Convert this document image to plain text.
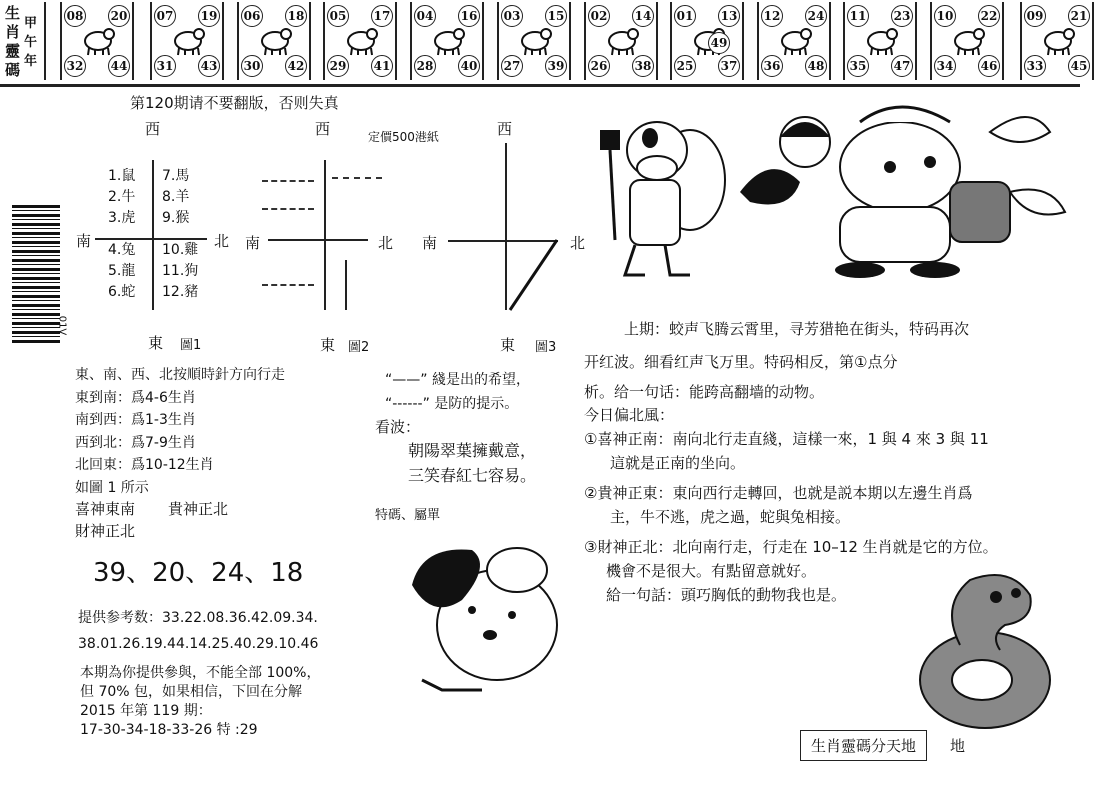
生肖靈碼
甲午年
08 20
32 44
07 19
31 43
06 18
30 42
05 17
29 41
04 16
28 40
03 15
27 39
02 14
26 38
01 13
25 37
49
12 24
36 48
11 23
35 47
10 22
34 46
09 21
33 45
第120期请不要翻版，否则失真
定價500港紙
01V
西
南	北
東 圖1
1.鼠
2.牛
3.虎
4.兔
5.龍
6.蛇
7.馬
8.羊
9.猴
10.雞
11.狗
12.豬
西
南	北
東 圖2
西
南	北
東 圖3
東、南、西、北按順時針方向行走
東到南：爲4-6生肖
南到西：爲1-3生肖
西到北：爲7-9生肖
北回東：爲10-12生肖
如圖 1 所示
喜神東南 貴神正北
財神正北
“——” 綫是出的希望，
“------” 是防的提示。
看波：
朝陽翠葉擁戴意，
三笑春紅七容易。
特碼、屬單
39、20、24、18
提供参考数：33.22.08.36.42.09.34.
38.01.26.19.44.14.25.40.29.10.46
本期為你提供參與，不能全部 100%，
但 70% 包，如果相信，下回在分解
2015 年第 119 期：
17-30-34-18-33-26 特 :29
上期：蛟声飞腾云霄里，寻芳猎艳在街头，特码再次
开红波。细看红声飞万里。特码相反，第①点分
析。给一句话：能跨高翻墙的动物。
今日偏北風：
①喜神正南：南向北行走直綫，這樣一來，1 與 4 來 3 與 11
這就是正南的坐向。
②貴神正東：東向西行走轉回，也就是説本期以左邊生肖爲
主，牛不逃，虎之過，蛇與兔相接。
③財神正北：北向南行走，行走在 10–12 生肖就是它的方位。
機會不是很大。有點留意就好。
給一句話：頭巧胸低的動物我也是。
生肖靈碼分天地	地
